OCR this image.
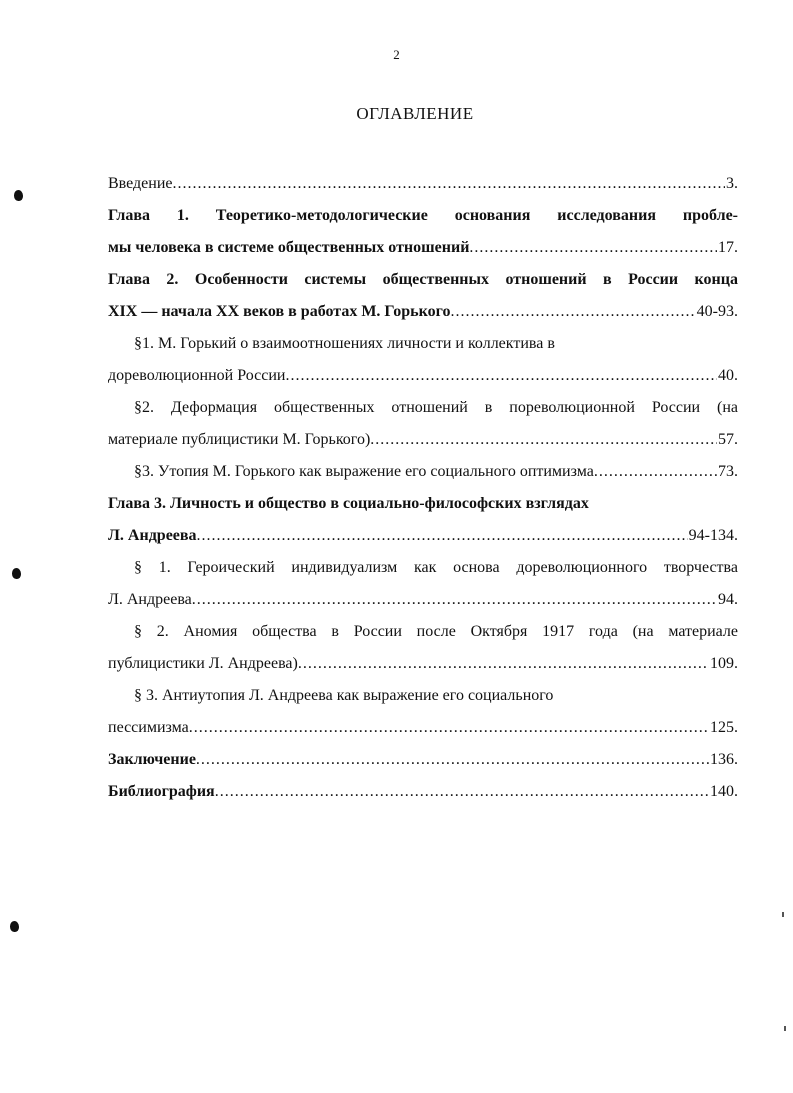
2
ОГЛАВЛЕНИЕ
Введение .....	3.
Глава 1. Теоретико-методологические основания исследования пробле-
мы человека в системе общественных отношений .....	17.
Глава 2. Особенности системы общественных отношений в России конца
XIX — начала XX веков в работах М. Горького .....	40-93.
§1. М. Горький о взаимоотношениях личности и коллектива в
дореволюционной России .....	40.
§2. Деформация общественных отношений в пореволюционной России (на
материале публицистики М. Горького) .....	57.
§3. Утопия М. Горького как выражение его социального оптимизма .....	73.
Глава 3. Личность и общество в социально-философских взглядах
Л. Андреева .....	94-134.
§ 1. Героический индивидуализм как основа дореволюционного творчества
Л. Андреева .....	94.
§ 2. Аномия общества в России после Октября 1917 года (на материале
публицистики Л. Андреева) .....	109.
§ 3. Антиутопия Л. Андреева как выражение его социального
пессимизма .....	125.
Заключение .....	136.
Библиография .....	140.
